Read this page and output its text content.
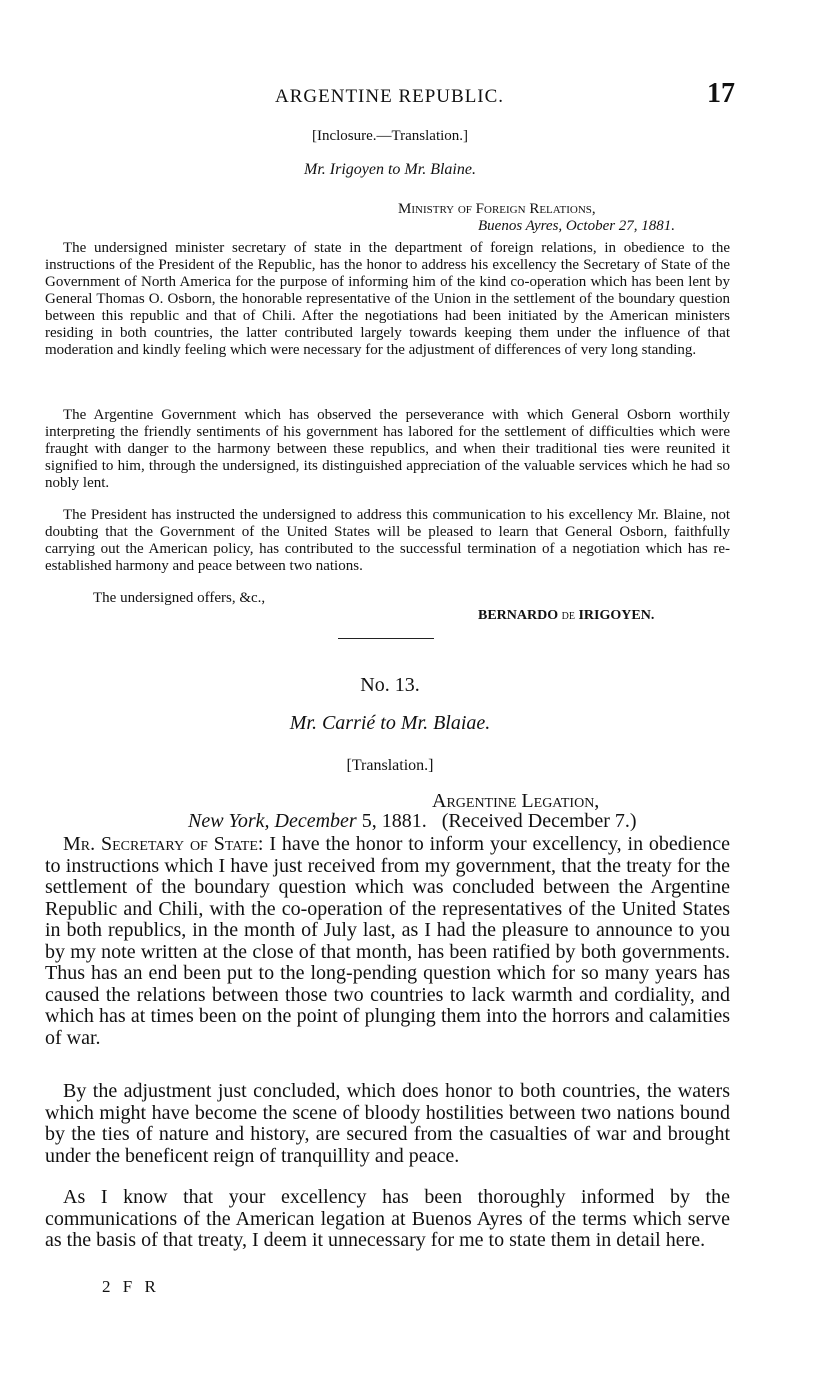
ARGENTINE REPUBLIC.	17
[Inclosure.—Translation.]
Mr. Irigoyen to Mr. Blaine.
Ministry of Foreign Relations,
Buenos Ayres, October 27, 1881.

The undersigned minister secretary of state in the department of foreign relations, in obedience to the instructions of the President of the Republic, has the honor to address his excellency the Secretary of State of the Government of North America for the purpose of informing him of the kind co-operation which has been lent by General Thomas O. Osborn, the honorable representative of the Union in the settlement of the boundary question between this republic and that of Chili. After the negotiations had been initiated by the American ministers residing in both countries, the latter contributed largely towards keeping them under the influence of that moderation and kindly feeling which were necessary for the adjustment of differences of very long standing.

The Argentine Government which has observed the perseverance with which General Osborn worthily interpreting the friendly sentiments of his government has labored for the settlement of difficulties which were fraught with danger to the harmony between these republics, and when their traditional ties were reunited it signified to him, through the undersigned, its distinguished appreciation of the valuable services which he had so nobly lent.

The President has instructed the undersigned to address this communication to his excellency Mr. Blaine, not doubting that the Government of the United States will be pleased to learn that General Osborn, faithfully carrying out the American policy, has contributed to the successful termination of a negotiation which has re-established harmony and peace between two nations.

The undersigned offers, &c.,
BERNARDO de IRIGOYEN.
No. 13.
Mr. Carrié to Mr. Blaiae.
[Translation.]
Argentine Legation,
New York, December 5, 1881. (Received December 7.)

Mr. Secretary of State: I have the honor to inform your excellency, in obedience to instructions which I have just received from my government, that the treaty for the settlement of the boundary question which was concluded between the Argentine Republic and Chili, with the co-operation of the representatives of the United States in both republics, in the month of July last, as I had the pleasure to announce to you by my note written at the close of that month, has been ratified by both governments. Thus has an end been put to the long-pending question which for so many years has caused the relations between those two countries to lack warmth and cordiality, and which has at times been on the point of plunging them into the horrors and calamities of war.

By the adjustment just concluded, which does honor to both countries, the waters which might have become the scene of bloody hostilities between two nations bound by the ties of nature and history, are secured from the casualties of war and brought under the beneficent reign of tranquillity and peace.

As I know that your excellency has been thoroughly informed by the communications of the American legation at Buenos Ayres of the terms which serve as the basis of that treaty, I deem it unnecessary for me to state them in detail here.

2 F R
